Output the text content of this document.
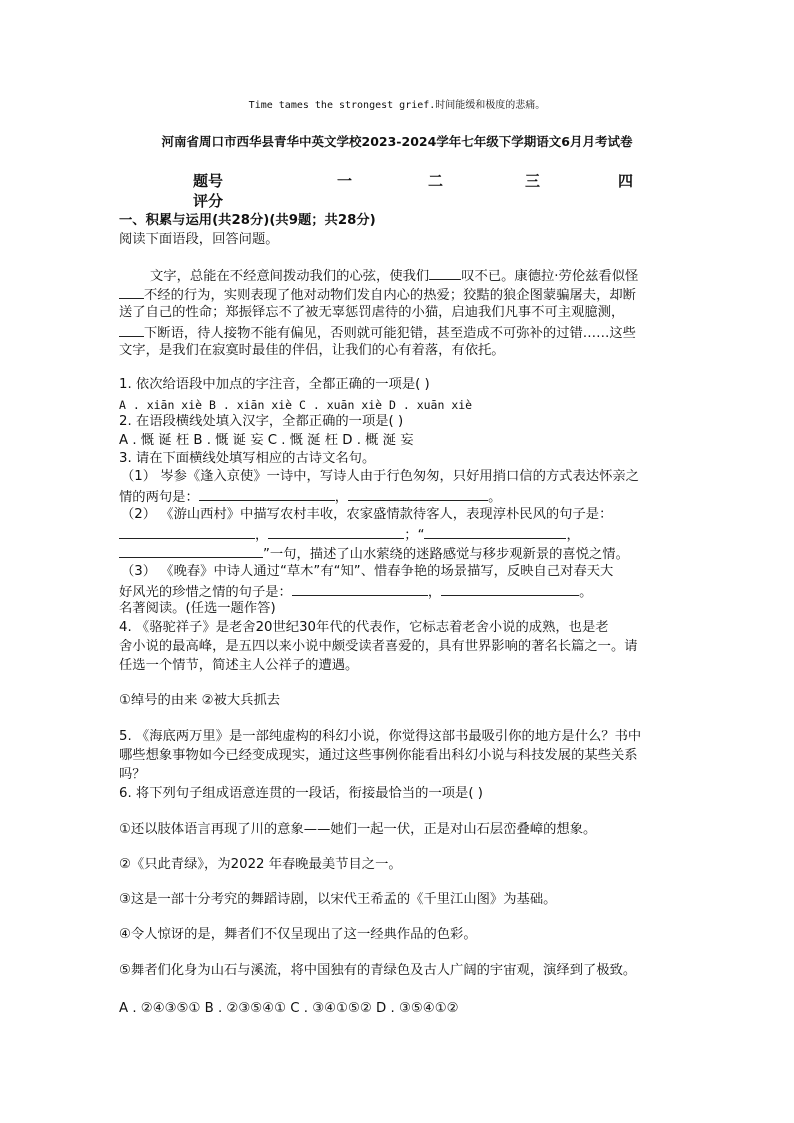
Time tames the strongest grief.时间能缓和极度的悲痛。
河南省周口市西华县青华中英文学校2023-2024学年七年级下学期语文6月月考试卷
题号	一	二	三	四
评分
一、积累与运用(共28分)(共9题；共28分)
阅读下面语段，回答问题。
文字，总能在不经意间拨动我们的心弦，使我们 叹不已。康德拉·劳伦兹看似怪
不经的行为，实则表现了他对动物们发自内心的热爱；狡黠的狼企图蒙骗屠夫，却断
送了自己的性命；郑振铎忘不了被无辜惩罚虐待的小猫，启迪我们凡事不可主观臆测，
下断语，待人接物不能有偏见，否则就可能犯错，甚至造成不可弥补的过错……这些
文字，是我们在寂寞时最佳的伴侣，让我们的心有着落，有依托。
1. 依次给语段中加点的字注音，全都正确的一项是( )
A . xiān xiè B . xiān xiè C . xuān xiè D . xuān xiè
2. 在语段横线处填入汉字，全都正确的一项是( )
A . 慨 诞 枉 B . 慨 诞 妄 C . 慨 涎 枉 D . 概 涎 妄
3. 请在下面横线处填写相应的古诗文名句。
（1） 岑参《逢入京使》一诗中，写诗人由于行色匆匆，只好用捎口信的方式表达怀亲之
情的两句是：	，	。
（2） 《游山西村》中描写农村丰收，农家盛情款待客人，表现淳朴民风的句子是：
，	；“	，
”一句，描述了山水萦绕的迷路感觉与移步观新景的喜悦之情。
（3） 《晚春》中诗人通过“草木”有“知”、惜春争艳的场景描写，反映自己对春天大
好风光的珍惜之情的句子是：	，	。
名著阅读。(任选一题作答)
4. 《骆驼祥子》是老舍20世纪30年代的代表作，它标志着老舍小说的成熟，也是老
舍小说的最高峰，是五四以来小说中颇受读者喜爱的，具有世界影响的著名长篇之一。请
任选一个情节，简述主人公祥子的遭遇。
①绰号的由来 ②被大兵抓去
5. 《海底两万里》是一部纯虚构的科幻小说，你觉得这部书最吸引你的地方是什么？书中
哪些想象事物如今已经变成现实，通过这些事例你能看出科幻小说与科技发展的某些关系
吗？
6. 将下列句子组成语意连贯的一段话，衔接最恰当的一项是( )
①还以肢体语言再现了川的意象——她们一起一伏，正是对山石层峦叠嶂的想象。
②《只此青绿》，为2022 年春晚最美节目之一。
③这是一部十分考究的舞蹈诗剧，以宋代王希孟的《千里江山图》为基础。
④令人惊讶的是，舞者们不仅呈现出了这一经典作品的色彩。
⑤舞者们化身为山石与溪流，将中国独有的青绿色及古人广阔的宇宙观，演绎到了极致。
A . ②④③⑤① B . ②③⑤④① C . ③④①⑤② D . ③⑤④①②
